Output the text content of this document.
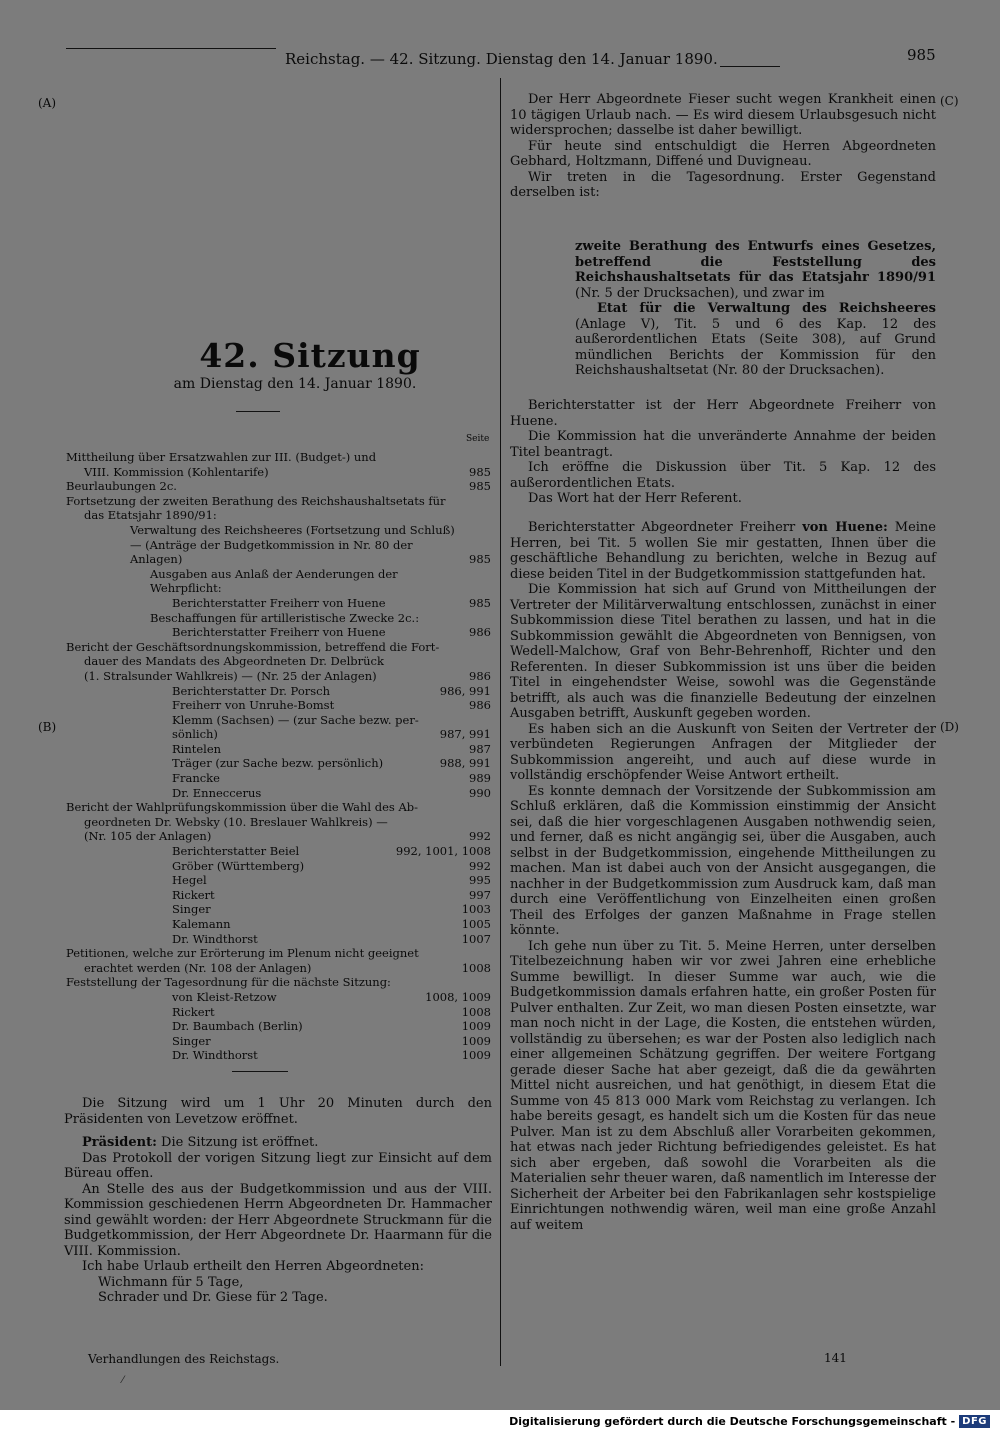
Reichstag. — 42. Sitzung. Dienstag den 14. Januar 1890.	985
(A)
(B)
(C)
(D)
42. Sitzung
am Dienstag den 14. Januar 1890.
Seite
Mittheilung über Ersatzwahlen zur III. (Budget-) und
VIII. Kommission (Kohlentarife)	985
Beurlaubungen 2c.	985
Fortsetzung der zweiten Berathung des Reichshaushaltsetats für
das Etatsjahr 1890/91:
Verwaltung des Reichsheeres (Fortsetzung und Schluß)
— (Anträge der Budgetkommission in Nr. 80 der
Anlagen)	985
Ausgaben aus Anlaß der Aenderungen der
Wehrpflicht:
Berichterstatter Freiherr von Huene	985
Beschaffungen für artilleristische Zwecke 2c.:
Berichterstatter Freiherr von Huene	986
Bericht der Geschäftsordnungskommission, betreffend die Fort-
dauer des Mandats des Abgeordneten Dr. Delbrück
(1. Stralsunder Wahlkreis) — (Nr. 25 der Anlagen)	986
Berichterstatter Dr. Porsch	986, 991
Freiherr von Unruhe-Bomst	986
Klemm (Sachsen) — (zur Sache bezw. per-
sönlich)	987, 991
Rintelen	987
Träger (zur Sache bezw. persönlich)	988, 991
Francke	989
Dr. Enneccerus	990
Bericht der Wahlprüfungskommission über die Wahl des Ab-
geordneten Dr. Websky (10. Breslauer Wahlkreis) —
(Nr. 105 der Anlagen)	992
Berichterstatter Beiel	992, 1001, 1008
Gröber (Württemberg)	992
Hegel	995
Rickert	997
Singer	1003
Kalemann	1005
Dr. Windthorst	1007
Petitionen, welche zur Erörterung im Plenum nicht geeignet
erachtet werden (Nr. 108 der Anlagen)	1008
Feststellung der Tagesordnung für die nächste Sitzung:
von Kleist-Retzow	1008, 1009
Rickert	1008
Dr. Baumbach (Berlin)	1009
Singer	1009
Dr. Windthorst	1009

Die Sitzung wird um 1 Uhr 20 Minuten durch den Präsidenten von Levetzow eröffnet.

Präsident: Die Sitzung ist eröffnet.

Das Protokoll der vorigen Sitzung liegt zur Einsicht auf dem Büreau offen.

An Stelle des aus der Budgetkommission und aus der VIII. Kommission geschiedenen Herrn Abgeordneten Dr. Hammacher sind gewählt worden: der Herr Abgeordnete Struckmann für die Budgetkommission, der Herr Abgeordnete Dr. Haarmann für die VIII. Kommission.

Ich habe Urlaub ertheilt den Herren Abgeordneten:

Wichmann für 5 Tage,

Schrader und Dr. Giese für 2 Tage.

Verhandlungen des Reichstags.
⁄

Der Herr Abgeordnete Fieser sucht wegen Krankheit einen 10 tägigen Urlaub nach. — Es wird diesem Urlaubsgesuch nicht widersprochen; dasselbe ist daher bewilligt.

Für heute sind entschuldigt die Herren Abgeordneten Gebhard, Holtzmann, Diffené und Duvigneau.

Wir treten in die Tagesordnung. Erster Gegenstand derselben ist:

zweite Berathung des Entwurfs eines Gesetzes, betreffend die Feststellung des Reichshaushaltsetats für das Etatsjahr 1890/91 (Nr. 5 der Drucksachen), und zwar im

Etat für die Verwaltung des Reichsheeres (Anlage V), Tit. 5 und 6 des Kap. 12 des außerordentlichen Etats (Seite 308), auf Grund mündlichen Berichts der Kommission für den Reichshaushaltsetat (Nr. 80 der Drucksachen).

Berichterstatter ist der Herr Abgeordnete Freiherr von Huene.

Die Kommission hat die unveränderte Annahme der beiden Titel beantragt.

Ich eröffne die Diskussion über Tit. 5 Kap. 12 des außerordentlichen Etats.

Das Wort hat der Herr Referent.

Berichterstatter Abgeordneter Freiherr von Huene: Meine Herren, bei Tit. 5 wollen Sie mir gestatten, Ihnen über die geschäftliche Behandlung zu berichten, welche in Bezug auf diese beiden Titel in der Budgetkommission stattgefunden hat.

Die Kommission hat sich auf Grund von Mittheilungen der Vertreter der Militärverwaltung entschlossen, zunächst in einer Subkommission diese Titel berathen zu lassen, und hat in die Subkommission gewählt die Abgeordneten von Bennigsen, von Wedell-Malchow, Graf von Behr-Behrenhoff, Richter und den Referenten. In dieser Subkommission ist uns über die beiden Titel in eingehendster Weise, sowohl was die Gegenstände betrifft, als auch was die finanzielle Bedeutung der einzelnen Ausgaben betrifft, Auskunft gegeben worden.

Es haben sich an die Auskunft von Seiten der Vertreter der verbündeten Regierungen Anfragen der Mitglieder der Subkommission angereiht, und auch auf diese wurde in vollständig erschöpfender Weise Antwort ertheilt.

Es konnte demnach der Vorsitzende der Subkommission am Schluß erklären, daß die Kommission einstimmig der Ansicht sei, daß die hier vorgeschlagenen Ausgaben nothwendig seien, und ferner, daß es nicht angängig sei, über die Ausgaben, auch selbst in der Budgetkommission, eingehende Mittheilungen zu machen. Man ist dabei auch von der Ansicht ausgegangen, die nachher in der Budgetkommission zum Ausdruck kam, daß man durch eine Veröffentlichung von Einzelheiten einen großen Theil des Erfolges der ganzen Maßnahme in Frage stellen könnte.

Ich gehe nun über zu Tit. 5. Meine Herren, unter derselben Titelbezeichnung haben wir vor zwei Jahren eine erhebliche Summe bewilligt. In dieser Summe war auch, wie die Budgetkommission damals erfahren hatte, ein großer Posten für Pulver enthalten. Zur Zeit, wo man diesen Posten einsetzte, war man noch nicht in der Lage, die Kosten, die entstehen würden, vollständig zu übersehen; es war der Posten also lediglich nach einer allgemeinen Schätzung gegriffen. Der weitere Fortgang gerade dieser Sache hat aber gezeigt, daß die da gewährten Mittel nicht ausreichen, und hat genöthigt, in diesem Etat die Summe von 45 813 000 Mark vom Reichstag zu verlangen. Ich habe bereits gesagt, es handelt sich um die Kosten für das neue Pulver. Man ist zu dem Abschluß aller Vorarbeiten gekommen, hat etwas nach jeder Richtung befriedigendes geleistet. Es hat sich aber ergeben, daß sowohl die Vorarbeiten als die Materialien sehr theuer waren, daß namentlich im Interesse der Sicherheit der Arbeiter bei den Fabrikanlagen sehr kostspielige Einrichtungen nothwendig wären, weil man eine große Anzahl auf weitem

141
Digitalisierung gefördert durch die Deutsche Forschungsgemeinschaft - DFG
